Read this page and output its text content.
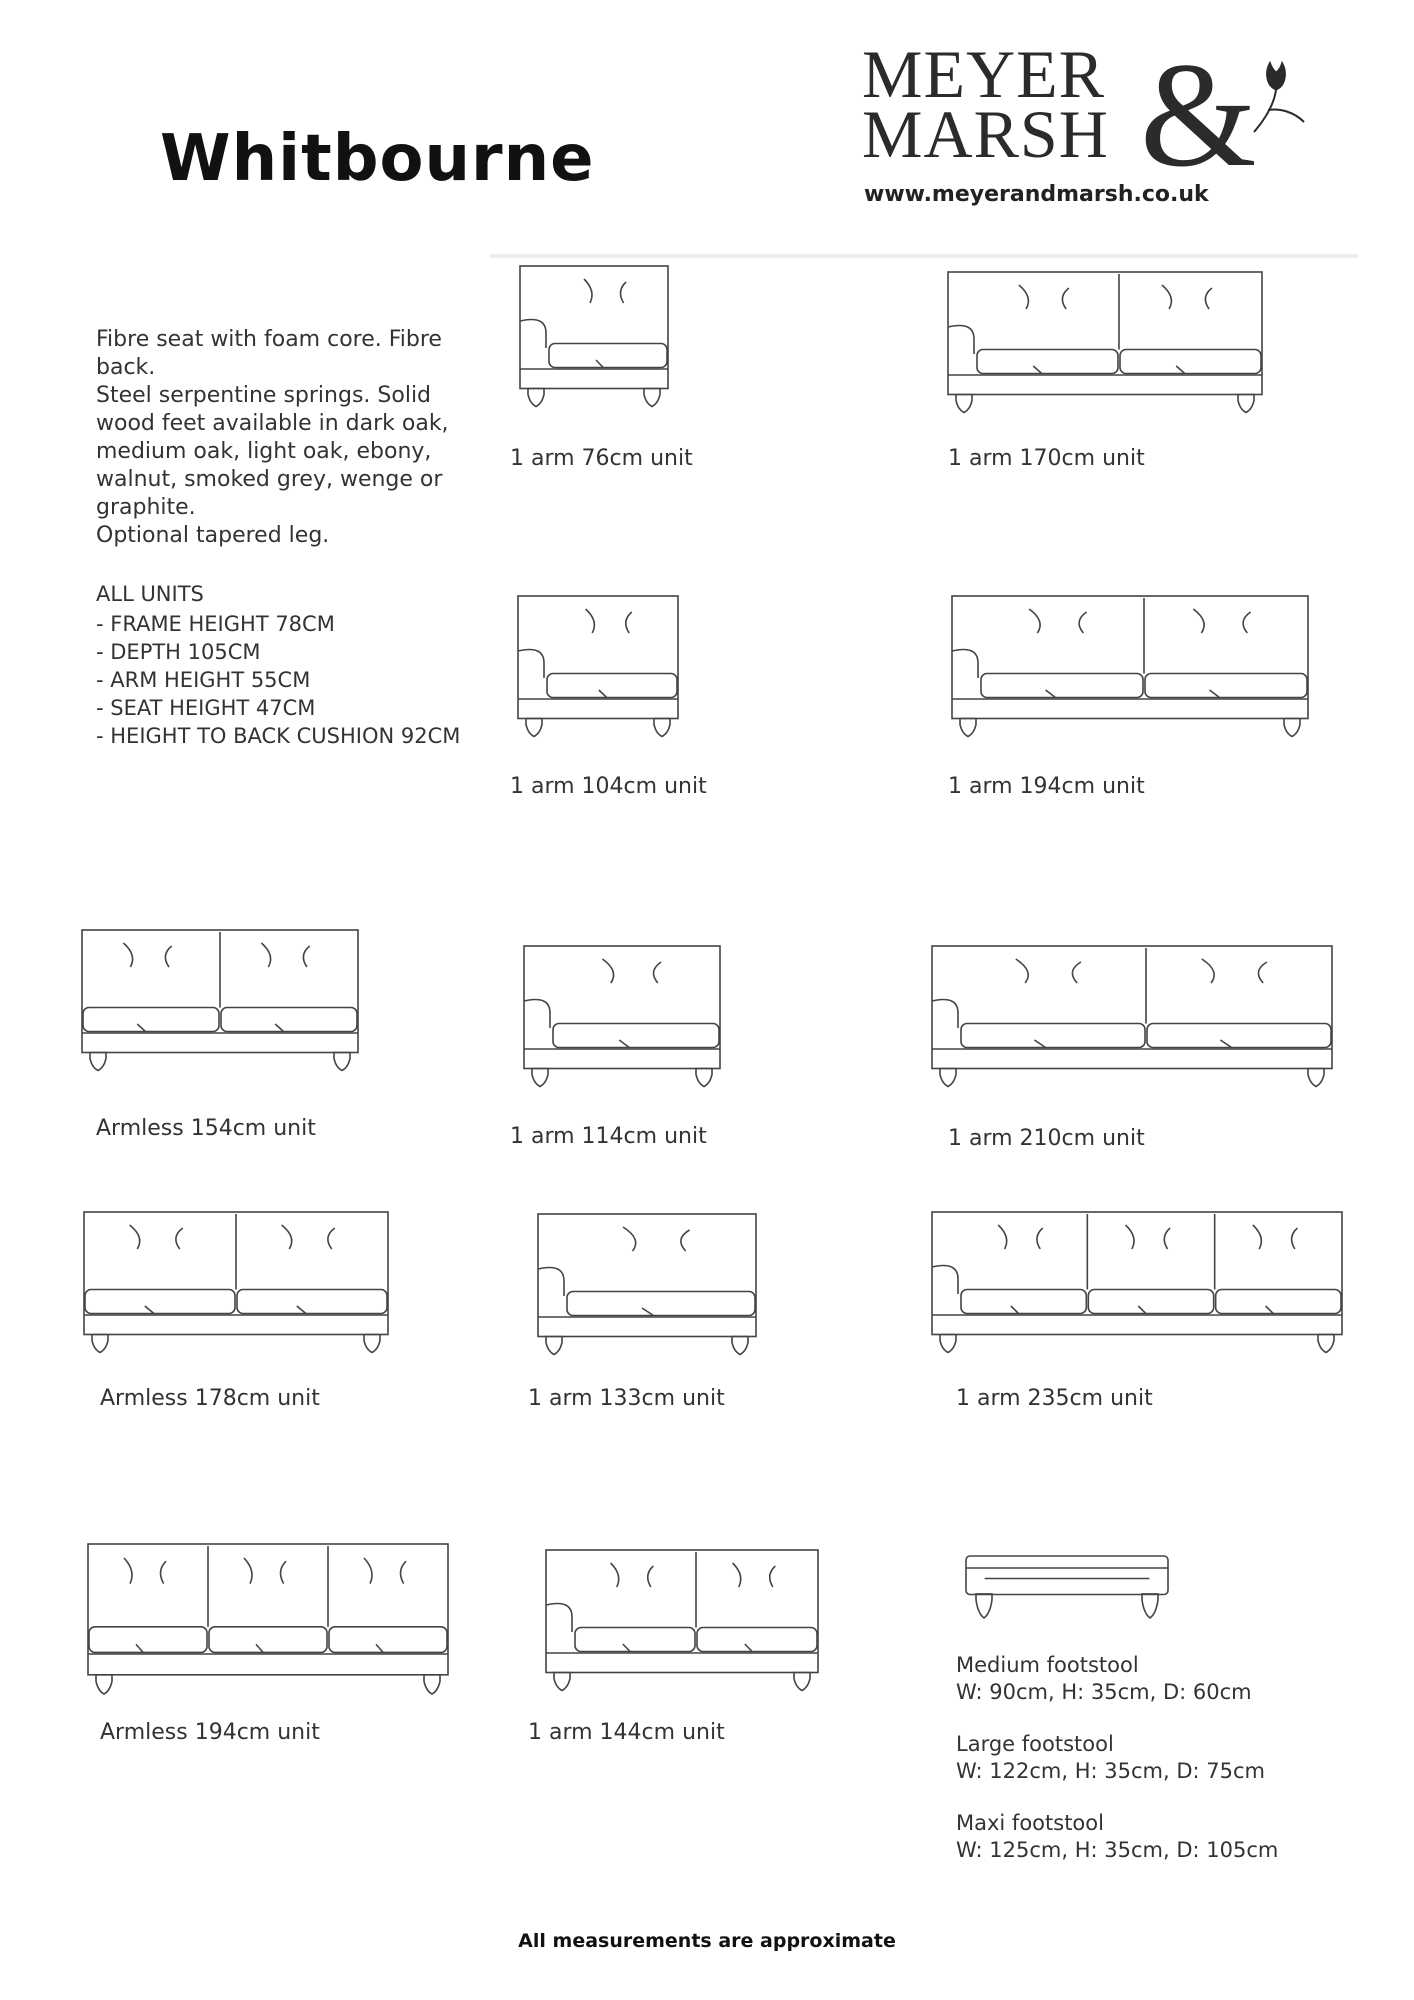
Whitbourne
MEYER
MARSH &
www.meyerandmarsh.co.uk
Fibre seat with foam core. Fibre
back.
Steel serpentine springs. Solid
wood feet available in dark oak,
medium oak, light oak, ebony,
walnut, smoked grey, wenge or
graphite.
Optional tapered leg.
ALL UNITS
- FRAME HEIGHT 78CM
- DEPTH 105CM
- ARM HEIGHT 55CM
- SEAT HEIGHT 47CM
- HEIGHT TO BACK CUSHION 92CM
1 arm 76cm unit	1 arm 170cm unit
1 arm 104cm unit	1 arm 194cm unit
Armless 154cm unit	1 arm 114cm unit	1 arm 210cm unit
Armless 178cm unit	1 arm 133cm unit	1 arm 235cm unit
Armless 194cm unit	1 arm 144cm unit
Medium footstool
W: 90cm, H: 35cm, D: 60cm
Large footstool
W: 122cm, H: 35cm, D: 75cm
Maxi footstool
W: 125cm, H: 35cm, D: 105cm
All measurements are approximate
